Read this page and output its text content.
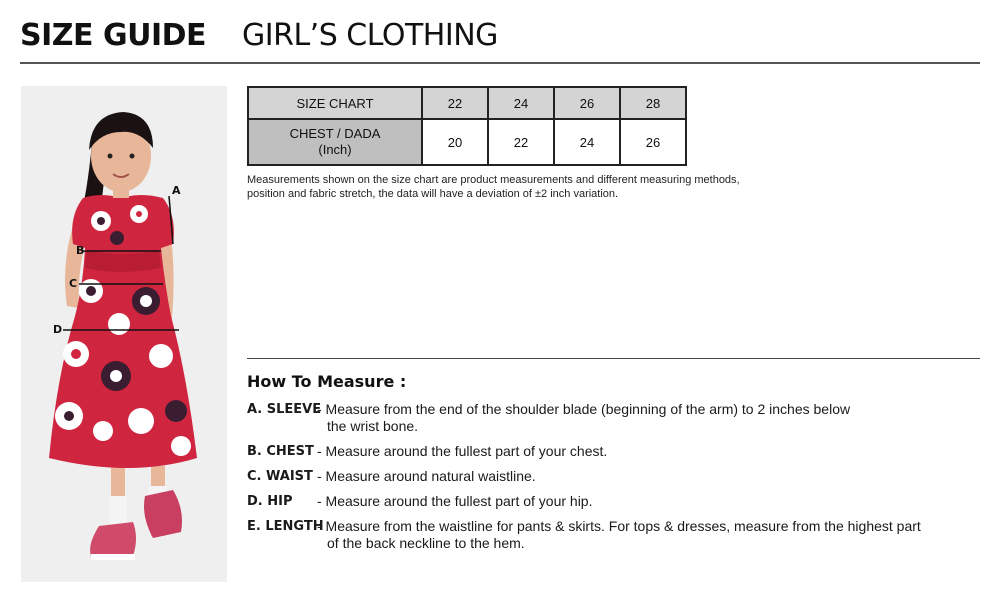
SIZE GUIDE GIRL’S CLOTHING
A
B
C
D
SIZE CHART	22	24	26	28
CHEST / DADA
(Inch)	20	22	24	26
Measurements shown on the size chart are product measurements and different measuring methods, position and fabric stretch, the data will have a deviation of ±2 inch variation.
How To Measure :
A. SLEEVE
- Measure from the end of the shoulder blade (beginning of the arm) to 2 inches below
the wrist bone.
B. CHEST - Measure around the fullest part of your chest.
C. WAIST - Measure around natural waistline.
D. HIP - Measure around the fullest part of your hip.
E. LENGTH
- Measure from the waistline for pants & skirts. For tops & dresses, measure from the highest part
of the back neckline to the hem.
